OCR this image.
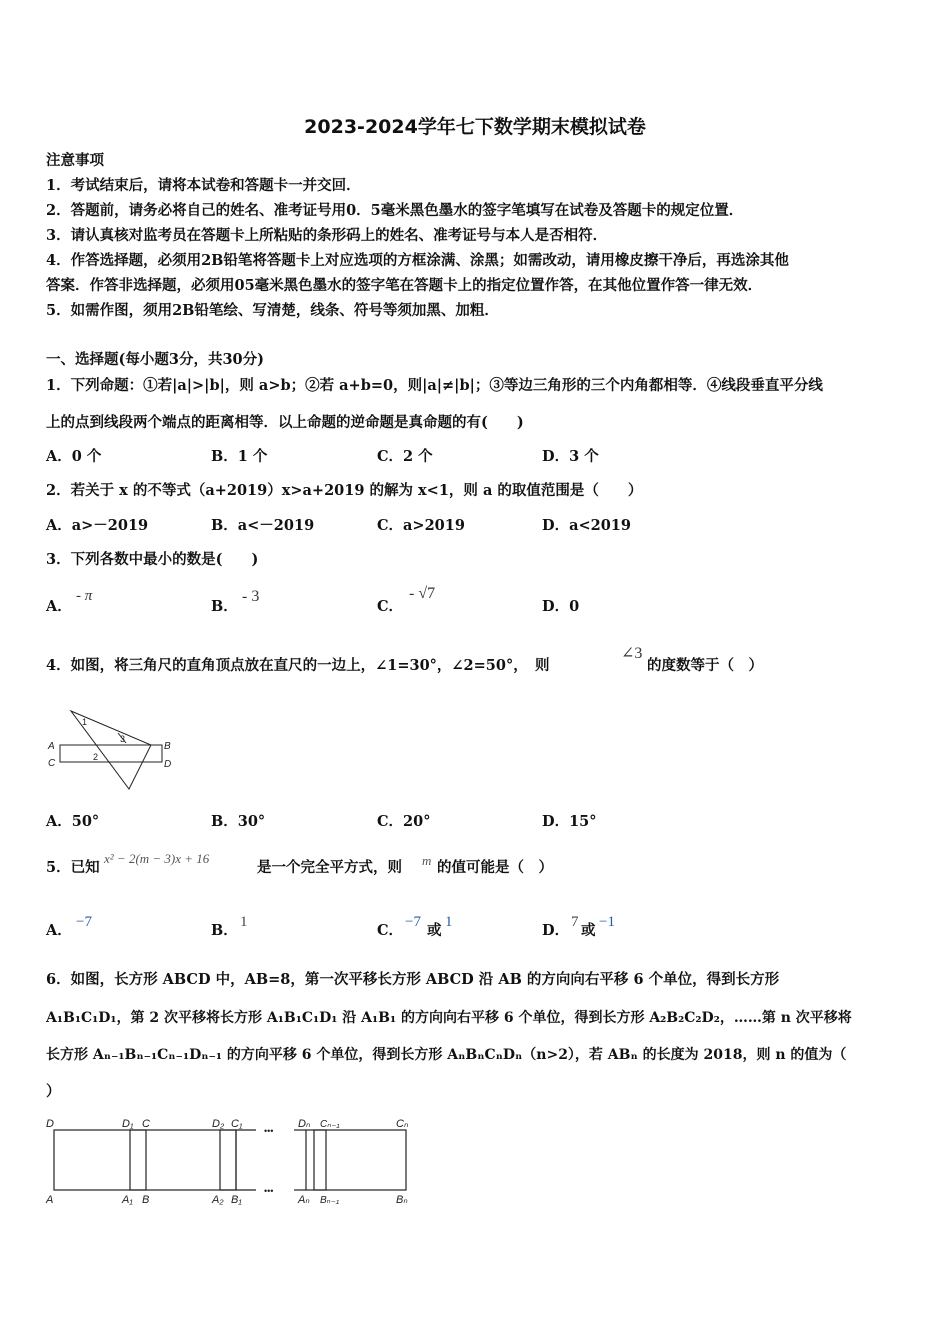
2023-2024学年七下数学期末模拟试卷
注意事项
1．考试结束后，请将本试卷和答题卡一并交回．
2．答题前，请务必将自己的姓名、准考证号用0．5毫米黑色墨水的签字笔填写在试卷及答题卡的规定位置．
3．请认真核对监考员在答题卡上所粘贴的条形码上的姓名、准考证号与本人是否相符．
4．作答选择题，必须用2B铅笔将答题卡上对应选项的方框涂满、涂黑；如需改动，请用橡皮擦干净后，再选涂其他
答案．作答非选择题，必须用05毫米黑色墨水的签字笔在答题卡上的指定位置作答，在其他位置作答一律无效．
5．如需作图，须用2B铅笔绘、写清楚，线条、符号等须加黑、加粗．
一、选择题(每小题3分，共30分)
1．下列命题：①若|a|>|b|，则 a>b；②若 a+b=0，则|a|≠|b|；③等边三角形的三个内角都相等．④线段垂直平分线
上的点到线段两个端点的距离相等．以上命题的逆命题是真命题的有(　　)
A．0 个	B．1 个	C．2 个	D．3 个
2．若关于 x 的不等式（a+2019）x>a+2019 的解为 x<1，则 a 的取值范围是（　　）
A．a>－2019	B．a<－2019	C．a>2019	D．a<2019
3．下列各数中最小的数是(　　)
A．
- π
B．
- 3
C．
- √7
D．0
4．如图，将三角尺的直角顶点放在直尺的一边上，∠1=30°，∠2=50°，　则
∠3
的度数等于（　）
A	B
C	D
1
2
3
A．50°	B．30°	C．20°	D．15°
5．已知
x² − 2(m − 3)x + 16
是一个完全平方式，则 m 的值可能是（　）
A． −7	B． 1	C． −7 或 1	D． 7 或 −1
6．如图，长方形 ABCD 中，AB=8，第一次平移长方形 ABCD 沿 AB 的方向向右平移 6 个单位，得到长方形
A₁B₁C₁D₁，第 2 次平移将长方形 A₁B₁C₁D₁ 沿 A₁B₁ 的方向向右平移 6 个单位，得到长方形 A₂B₂C₂D₂，……第 n 次平移将
长方形 Aₙ₋₁Bₙ₋₁Cₙ₋₁Dₙ₋₁ 的方向平移 6 个单位，得到长方形 AₙBₙCₙDₙ（n>2），若 ABₙ 的长度为 2018，则 n 的值为（
）
D	D₁ C	D₂ C₁
•••
Dₙ Cₙ₋₁	Cₙ
A	A₁ B	A₂ B₁
•••
Aₙ Bₙ₋₁	Bₙ
